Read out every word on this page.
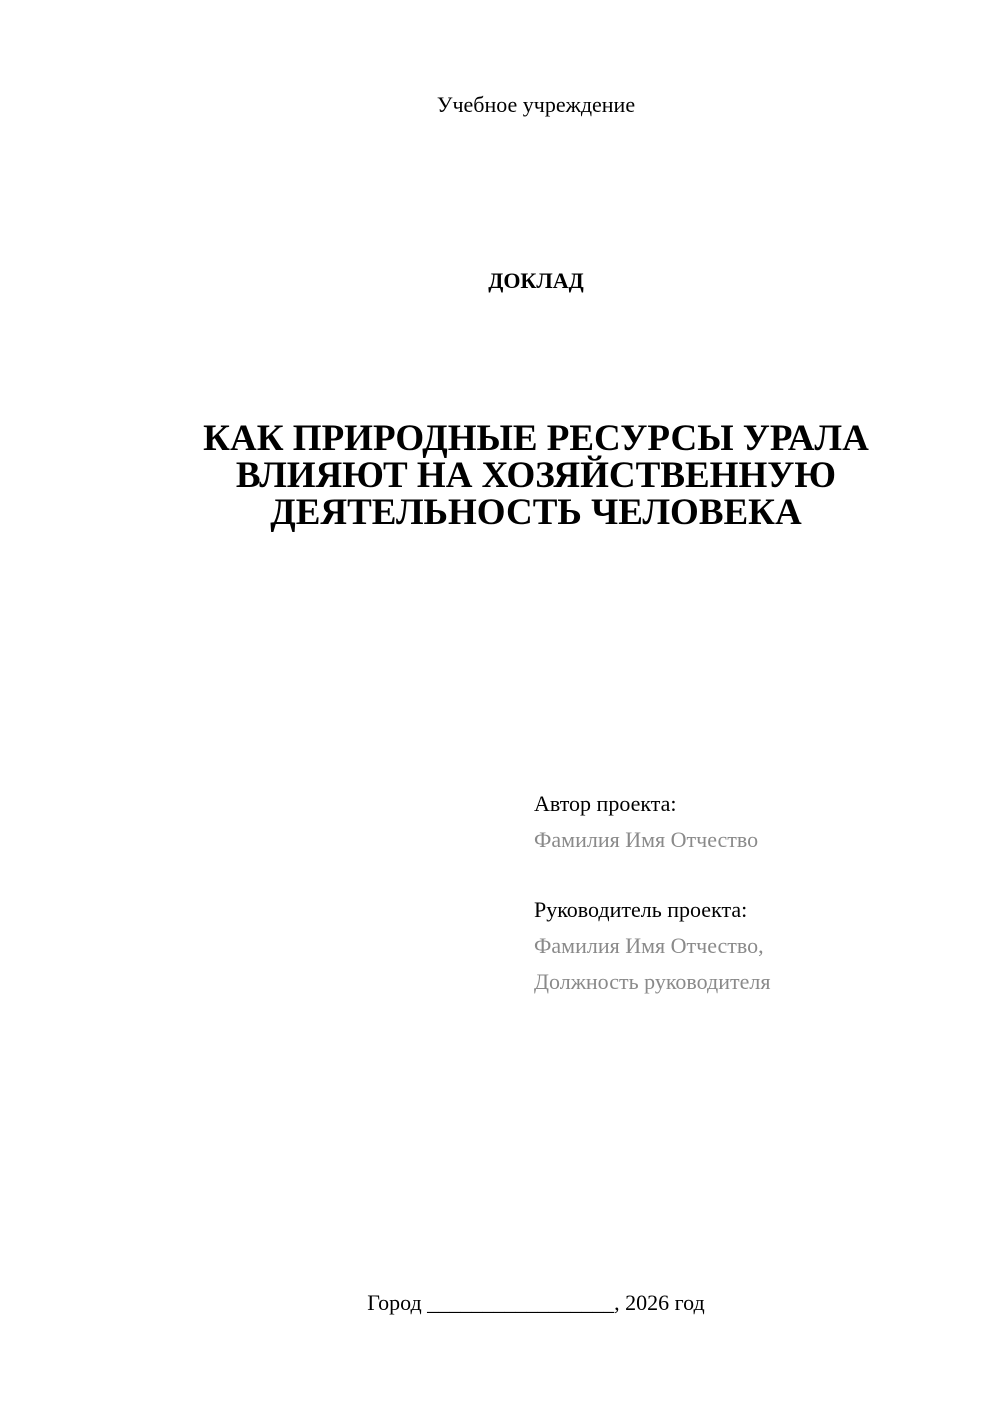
Учебное учреждение
ДОКЛАД
КАК ПРИРОДНЫЕ РЕСУРСЫ УРАЛА
ВЛИЯЮТ НА ХОЗЯЙСТВЕННУЮ
ДЕЯТЕЛЬНОСТЬ ЧЕЛОВЕКА
Автор проекта:
Фамилия Имя Отчество
Руководитель проекта:
Фамилия Имя Отчество,
Должность руководителя
Город _________________, 2026 год
